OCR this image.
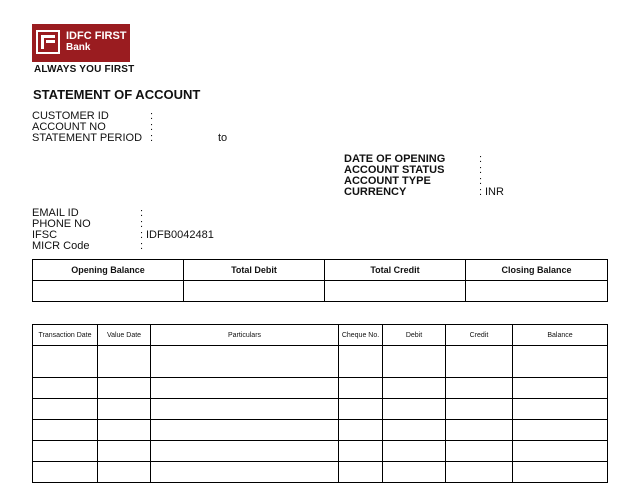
IDFC FIRST
Bank
ALWAYS YOU FIRST
STATEMENT OF ACCOUNT
CUSTOMER ID	:
ACCOUNT NO	:
STATEMENT PERIOD :	to
DATE OF OPENING	:
ACCOUNT STATUS	:
ACCOUNT TYPE	:
CURRENCY	: INR
EMAIL ID	:
PHONE NO	:
IFSC	: IDFB0042481
MICR Code	:
Opening Balance	Total Debit	Total Credit	Closing Balance

Transaction Date	Value Date	Particulars	Cheque No.	Debit	Credit	Balance
